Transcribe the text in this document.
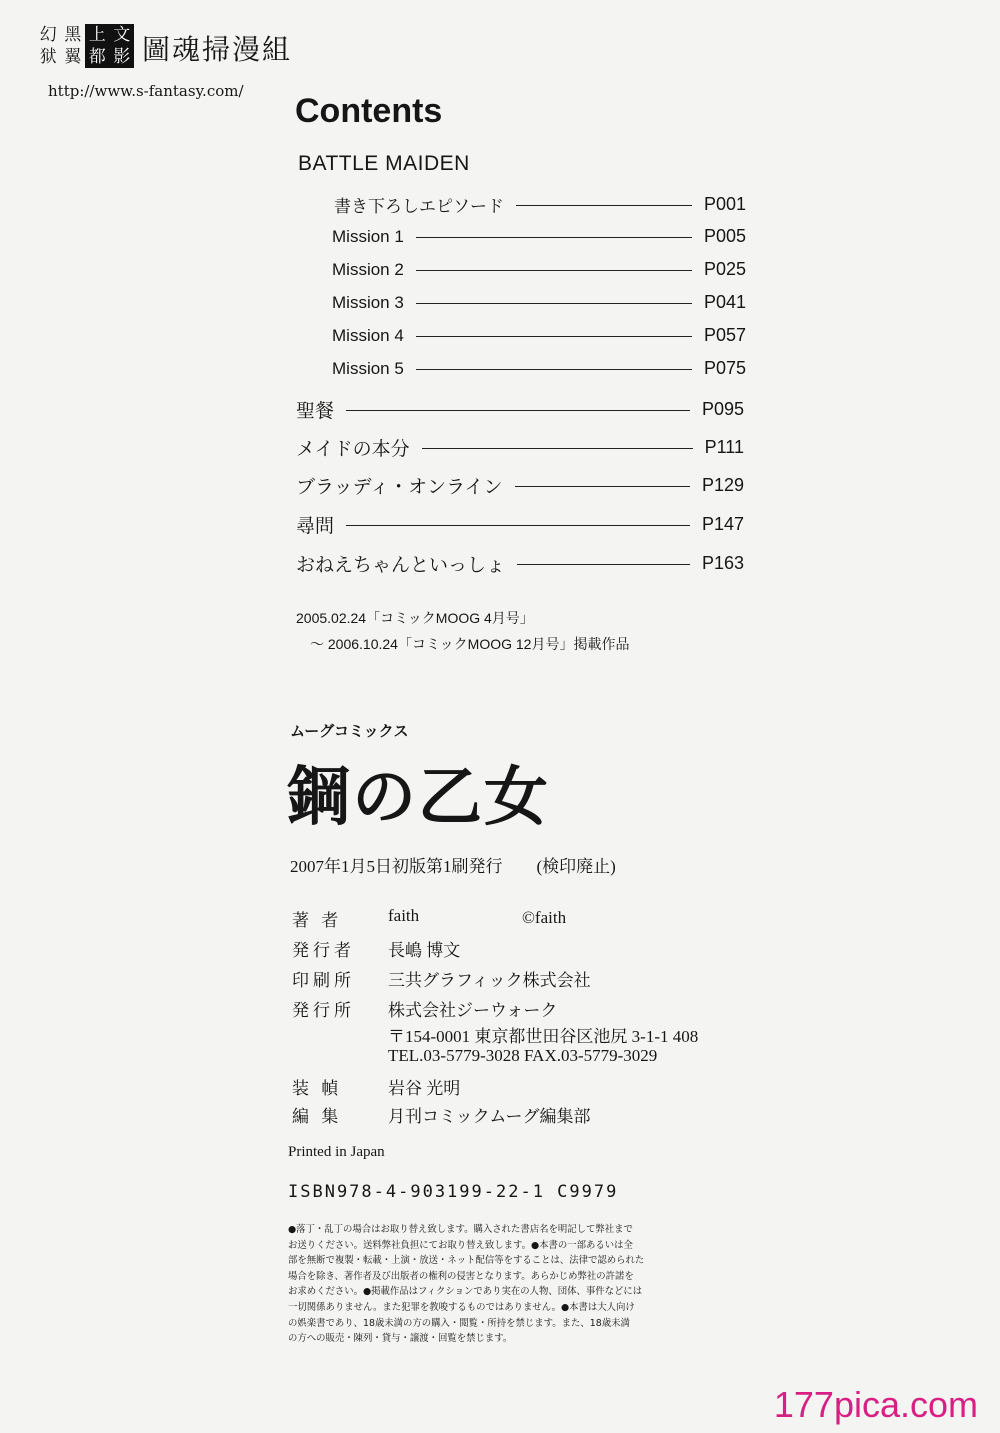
幻 黑 上 文
狱 翼 都 影 圖魂掃漫組
http://www.s-fantasy.com/
Contents
BATTLE MAIDEN
書き下ろしエピソード	P001
Mission 1	P005
Mission 2	P025
Mission 3	P041
Mission 4	P057
Mission 5	P075
聖餐	P095
メイドの本分	P111
ブラッディ・オンライン	P129
尋問	P147
おねえちゃんといっしょ	P163
2005.02.24「コミックMOOG 4月号」
～ 2006.10.24「コミックMOOG 12月号」掲載作品
ムーグコミックス
鋼の乙女
2007年1月5日初版第1刷発行 (検印廃止)
著 者	faith	©faith
発行者 長嶋 博文
印刷所 三共グラフィック株式会社
発行所 株式会社ジーウォーク
〒154-0001 東京都世田谷区池尻 3-1-1 408
TEL.03-5779-3028 FAX.03-5779-3029
装 幀	岩谷 光明
編 集	月刊コミックムーグ編集部
Printed in Japan
ISBN978-4-903199-22-1 C9979

●落丁・乱丁の場合はお取り替え致します。購入された書店名を明記して弊社まで

お送りください。送料弊社負担にてお取り替え致します。●本書の一部あるいは全

部を無断で複製・転載・上演・放送・ネット配信等をすることは、法律で認められた

場合を除き、著作者及び出版者の権利の侵害となります。あらかじめ弊社の許諾を

お求めください。●掲載作品はフィクションであり実在の人物、団体、事件などには

一切関係ありません。また犯罪を教唆するものではありません。●本書は大人向け

の娯楽書であり、18歳未満の方の購入・閲覧・所持を禁じます。また、18歳未満

の方への販売・陳列・貸与・譲渡・回覧を禁じます。

177pica.com
